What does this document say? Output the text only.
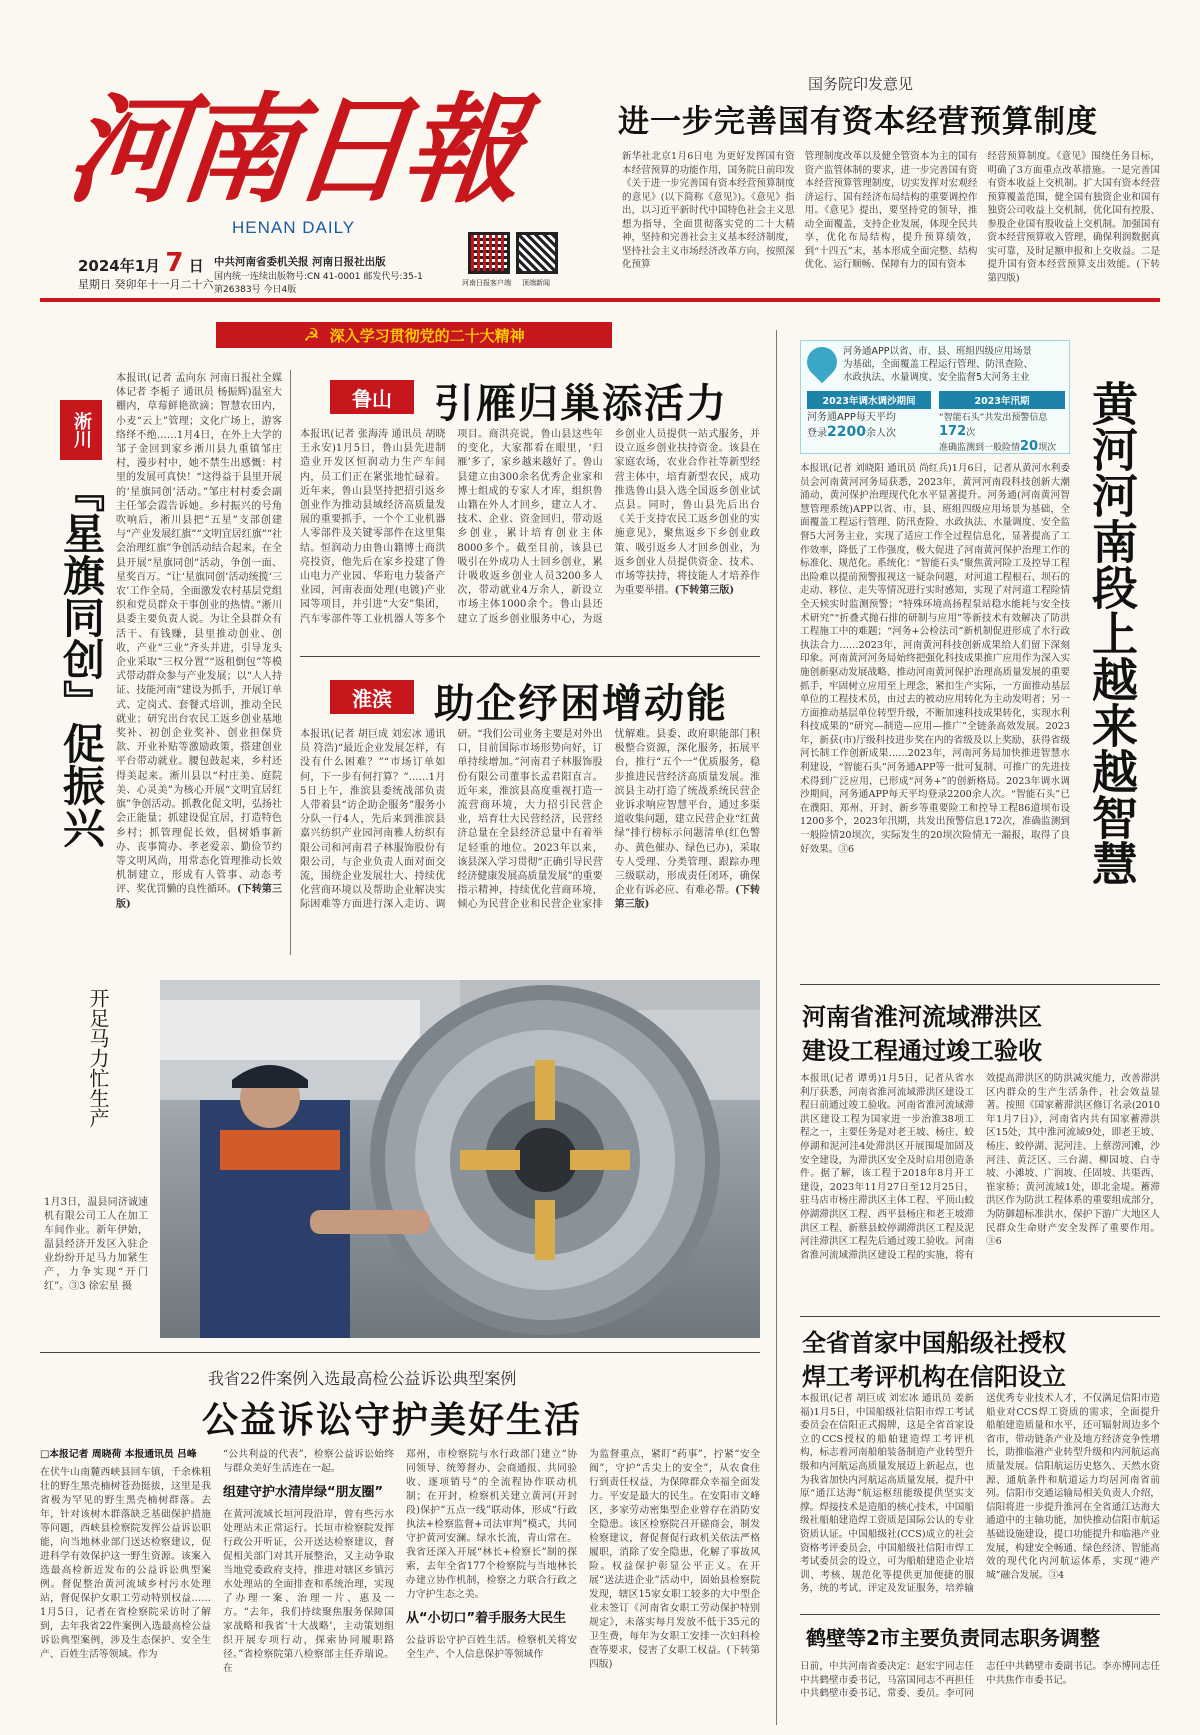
河南日報
HENAN DAILY
2024年1月 7 日
星期日 癸卯年十一月二十六
中共河南省委机关报 河南日报社出版
国内统一连续出版物号:CN 41-0001 邮发代号:35-1
第26383号 今日4版
河南日报客户端 顶端新闻
国务院印发意见
进一步完善国有资本经营预算制度
新华社北京1月6日电 为更好发挥国有资本经营预算的功能作用，国务院日前印发《关于进一步完善国有资本经营预算制度的意见》(以下简称《意见》)。《意见》指出，以习近平新时代中国特色社会主义思想为指导，全面贯彻落实党的二十大精神，坚持和完善社会主义基本经济制度，坚持社会主义市场经济改革方向，按照深化预算
管理制度改革以及健全管资本为主的国有资产监管体制的要求，进一步完善国有资本经营预算管理制度，切实发挥对宏观经济运行、国有经济布局结构的重要调控作用。《意见》提出，要坚持党的领导，推动全面覆盖，支持企业发展，体现全民共享，优化布局结构，提升预算绩效，到“十四五”末，基本形成全面完整、结构优化、运行顺畅、保障有力的国有资本
经营预算制度。《意见》围绕任务目标，明确了3方面重点改革措施。一是完善国有资本收益上交机制。扩大国有资本经营预算覆盖范围，健全国有独资企业和国有独资公司收益上交机制，优化国有控股、参股企业国有股收益上交机制。加强国有资本经营预算收入管理，确保利润数据真实可靠，及时足额申报和上交收益。二是提升国有资本经营预算支出效能。(下转第四版)
☭ 深入学习贯彻党的二十大精神
本报讯(记者 孟向东 河南日报社全媒体记者 李栀子 通讯员 杨振辉)温室大棚内，草莓鲜艳欲滴；智慧农田内，小麦“云上”管理；文化广场上，游客络绎不绝……1月4日，在外上大学的邹子金回到家乡淅川县九重镇邹庄村，漫步村中，她不禁生出感慨：村里的发展可真快！“这得益于县里开展的‘星旗同创’活动。”邹庄村村委会副主任邹会霞告诉她。乡村振兴的号角吹响后，淅川县把“五星”支部创建与“产业发展红旗”“文明宜居红旗”“社会治理红旗”争创活动结合起来，在全县开展“星旗同创”活动，争创一面、星奖百万。“让‘星旗同创’活动统揽‘三农’工作全局，全面激发农村基层党组织和党员群众干事创业的热情。”淅川县委主要负责人说。为让全县群众有活干、有钱赚，县里推动创业、创收，产业“三业”齐头并进，引导龙头企业采取“三权分置”“返租倒包”等模式带动群众参与产业发展；以“人人持证、技能河南”建设为抓手，开展订单式、定岗式、套餐式培训，推动全民就业；研究出台农民工返乡创业基地奖补、初创企业奖补、创业担保贷款、开业补贴等激励政策，搭建创业平台带动就业。腰包鼓起来，乡村还得美起来。淅川县以“村庄美、庭院美、心灵美”为核心开展“文明宜居红旗”争创活动。抓教化促文明，弘扬社会正能量；抓建设促宜居，打造特色乡村；抓管理促长效，倡树婚事新办、丧事简办、孝老爱亲、勤俭节约等文明风尚，用常态化管理推动长效机制建立，形成有人管事、动态考评、奖优罚懒的良性循环。(下转第三版)
淅川
『星旗同创』促振兴
鲁山	引雁归巢添活力
本报讯(记者 张海涛 通讯员 胡晓 王永安)1月5日，鲁山县先进制造业开发区恒润动力生产车间内，员工们正在紧张地忙碌着。近年来，鲁山县坚持把招引返乡创业作为推动县域经济高质量发展的重要抓手，一个个工业机器人零部件及关键零部件在这里集结。恒润动力由鲁山籍博士商洪亮投资，他先后在家乡投建了鲁山电力产业园、华珩电力装备产业园，河南表面处理(电镀)产业园等项目，并引进“大安”集团，汽车零部件等工业机器人等多个项目。商洪亮说，鲁山县这些年的变化，大家都看在眼里，‘归雁’多了，家乡越来越好了。鲁山县建立由300余名优秀企业家和博士组成的专家人才库，组织鲁山籍在外人才回乡，建立人才、技术、企业、资金回归，带动返乡创业，累计培育创业主体8000多个。截至目前，该县已吸引在外成功人士回乡创业，累计吸收返乡创业人员3200多人次，带动就业4万余人，新设立市场主体1000余个。鲁山县还建立了返乡创业服务中心，为返乡创业人员提供一站式服务，并设立返乡创业扶持资金。该县在家庭农场，农业合作社等新型经营主体中，培育新型农民，成功推选鲁山县入选全国返乡创业试点县。同时，鲁山县先后出台《关于支持农民工返乡创业的实施意见》，聚焦返乡下乡创业政策、吸引返乡人才回乡创业，为返乡创业人员提供资金、技术、市场等扶持，将技能人才培养作为重要举措。(下转第三版)
淮滨	助企纾困增动能
本报讯(记者 胡巨成 刘宏冰 通讯员 符浩)“最近企业发展怎样，有没有什么困难？”“市场订单如何，下一步有何打算？”……1月5日上午，淮滨县委统战部负责人带着县“访企助企服务”服务小分队一行4人，先后来到淮滨县嘉兴纺织产业园河南雅人纺织有限公司和河南君子林服饰股份有限公司，与企业负责人面对面交流，围绕企业发展壮大、持续优化营商环境以及帮助企业解决实际困难等方面进行深入走访、调研。“我们公司业务主要是对外出口，目前国际市场形势向好，订单持续增加。”河南君子林服饰股份有限公司董事长孟君阳直言。近年来，淮滨县高度重视打造一流营商环境，大力招引民营企业，培育壮大民营经济，民营经济总量在全县经济总量中有着举足轻重的地位。2023年以来，该县深入学习贯彻“正确引导民营经济健康发展高质量发展”的重要指示精神，持续优化营商环境，倾心为民营企业和民营企业家排忧解难。县委、政府职能部门积极整合资源，深化服务，拓展平台，推行“五个一”优质服务，稳步推进民营经济高质量发展。淮滨县主动打造了统战系统民营企业诉求响应智慧平台，通过多渠道收集问题，建立民营企业“红黄绿”排行榜标示问题清单(红色警办、黄色催办、绿色已办)，采取专人受理、分类管理、跟踪办理三级联动，形成责任闭环，确保企业有诉必应、有难必帮。(下转第三版)
河务通APP以省、市、县、班组四级应用场景
为基础，全面覆盖工程运行管理、防汛查险、
水政执法、水量调度、安全监督5大河务主业
2023年调水调沙期间
河务通APP每天平均
登录2200余人次
2023年汛期
“智能石头”共发出预警信息172次
准确监测到一般险情20坝次 黄河河南段上越来越智慧
本报讯(记者 刘晓阳 通讯员 尚红兵)1月6日，记者从黄河水利委员会河南黄河河务局获悉，2023年，黄河河南段科技创新大潮涌动，黄河保护治理现代化水平显著提升。河务通(河南黄河智慧管理系统)APP以省、市、县、班组四级应用场景为基础，全面覆盖工程运行管理、防汛查险、水政执法、水量调度、安全监督5大河务主业，实现了适应工作全过程信息化，显著提高了工作效率，降低了工作强度，极大促进了河南黄河保护治理工作的标准化、规范化。系统化：“智能石头”聚焦黄河险工及控导工程出险难以提前预警报视这一疑杂问题，对河道工程根石、坝石的走动、移位、走失等情况进行实时感知，实现了对河道工程险情全天候实时监测预警；“特殊环境高扬程泵站稳水能耗与安全技术研究”“折叠式抛石排的研制与应用”等新技术有效解决了防洪工程施工中的难题；“河务+公检法司”新机制促进形成了水行政执法合力……2023年，河南黄河科技创新成果给人们留下深刻印象。河南黄河河务局始终把强化科技成果推广应用作为深入实施创新驱动发展战略、推动河南黄河保护治理高质量发展的重要抓手，牢固树立应用至上理念，紧扣生产实际，一方面推动基层单位的工程技术员，由过去的被动应用转化为主动发明者；另一方面推动基层单位转型升级，不断加速科技成果转化，实现水利科技成果的“研究—制造—应用—推广”全链条高效发展。2023年，新获(市)厅级科技进步奖在内的省级及以上奖励，获得省级河长制工作创新成果……2023年，河南河务局加快推进智慧水利建设，“智能石头”河务通APP等一批可复制、可推广的先进技术得到广泛应用，已形成“河务+”的创新格局。2023年调水调沙期间，河务通APP每天平均登录2200余人次。“智能石头”已在濮阳、郑州、开封、新乡等重要险工和控导工程86道坝布设1200多个，2023年汛期，共发出预警信息172次，准确监测到一般险情20坝次，实际发生的20坝次险情无一漏报，取得了良好效果。③6
开足马力忙生产
1月3日，温县同济诚速机有限公司工人在加工车间作业。新年伊始，温县经济开发区入驻企业纷纷开足马力加紧生产，力争实现“开门红”。③3 徐宏星 摄
河南省淮河流域滞洪区
建设工程通过竣工验收
本报讯(记者 谭勇)1月5日，记者从省水利厅获悉，河南省淮河流域滞洪区建设工程日前通过竣工验收。河南省淮河流域滞洪区建设工程为国家进一步治淮38项工程之一，主要任务是对老王坡、杨庄、蛟停湖和泥河洼4处滞洪区开展围堤加固及安全建设，为滞洪区安全及时启用创造条件。据了解，该工程于2018年8月开工建设，2023年11月27日至12月25日，驻马店市杨庄滞洪区主体工程、平顶山蛟停湖滞洪区工程、西平县杨庄和老王坡滞洪区工程、新蔡县蛟停湖滞洪区工程及泥河洼滞洪区工程先后通过竣工验收。河南省淮河流域滞洪区建设工程的实施，将有效提高滞洪区的防洪减灾能力，改善滞洪区内群众的生产生活条件，社会效益显著。按照《国家蓄滞洪区修订名录(2010年1月7日)》，河南省内共有国家蓄滞洪区15处，其中淮河流域9处，即老王坡、杨庄、蛟停湖、泥河洼、上蔡涝河滩，沙河洼、黄泛区、三台湖、柳园坡、白寺坡、小滩坡、广润坡、任固坡、共渠西、崔家桥；黄河流域1处，即北金堤。蓄滞洪区作为防洪工程体系的重要组成部分，为防御超标准洪水、保护下游广大地区人民群众生命财产安全发挥了重要作用。③6
全省首家中国船级社授权
焊工考评机构在信阳设立
本报讯(记者 胡巨成 刘宏冰 通讯员 姜新福)1月5日，中国船级社信阳市焊工考试委员会在信阳正式揭牌，这是全省首家设立的CCS授权的船舶建造焊工考评机构，标志着河南船舶装备制造产业转型升级和内河航运高质量发展迈上新起点，也为我省加快内河航运高质量发展，提升中原“通江达海”航运枢纽能级提供坚实支撑。焊接技术是造船的核心技术，中国船级社船舶建造焊工资质是国际公认的专业资质认证。中国船级社(CCS)成立的社会资格考评委员会，中国船级社信阳市焊工考试委员会的设立，可为船舶建造企业培训、考核、规范化等提供更加便捷的服务，统的考试、评定及发证服务，培养输送优秀专业技术人才，不仅满足信阳市造船业对CCS焊工资质的需求，全面提升船舶建造质量和水平，还可辐射周边多个省市，带动链条产业及地方经济竞争性增长，助推临港产业转型升级和内河航运高质量发展。信阳航运历史悠久、天然水资源、通航条件和航道运力均居河南省前列。信阳市交通运输局相关负责人介绍，信阳将进一步提升淮河在全省通江达海大通道中的主轴功能，加快推动信阳市航运基础设施建设，提口功能提升和临港产业发展，构建安全畅通、绿色经济、智能高效的现代化内河航运体系，实现“港产城”融合发展。③4
鹤壁等2市主要负责同志职务调整
日前，中共河南省委决定：赵宏宇同志任中共鹤壁市委书记，马富国同志不再担任中共鹤壁市委书记、常委、委员。李可同志任中共鹤壁市委副书记。李亦博同志任中共焦作市委书记。
我省22件案例入选最高检公益诉讼典型案例
公益诉讼守护美好生活
□本报记者 周晓荷 本报通讯员 吕峰
在伏牛山南麓西峡县回车镇，千余株粗壮的野生黑壳楠树苍劲挺拔，这里是我省极为罕见的野生黑壳楠树群落。去年，针对该树木群落缺乏基础保护措施等问题，西峡县检察院发挥公益诉讼职能，向当地林业部门送达检察建议，促进科学有效保护这一野生资源。该案入选最高检新近发布的公益诉讼典型案例。督促整治黄河流域乡村污水处理站，督促保护女职工劳动特别权益……1月5日，记者在省检察院采访时了解到，去年我省22件案例入选最高检公益诉讼典型案例，涉及生态保护、安全生产、百姓生活等领域。作为
“公共利益的代表”，检察公益诉讼始终与群众美好生活连在一起。
组建守护水清岸绿“朋友圈”
在黄河流域长垣河段沿岸，曾有些污水处理站未正常运行。长垣市检察院发挥行政公开听证，公开送达检察建议，督促相关部门对其开展整治，又主动争取当地党委政府支持，推进对辖区乡镇污水处理站的全面排查和系统治理，实现了办理一案、治理一片、惠及一方。“去年，我们持续聚焦服务保障国家战略和我省‘十大战略’，主动策划组织开展专项行动，探索协同履职路径。”省检察院第八检察部主任乔瑞说。在
郑州，市检察院与水行政部门建立“协同领导、统筹督办、会商通报、共同验收、逐项销号”的全流程协作联动机制；在开封，检察机关建立黄河(开封段)保护“五点一线”联动体，形成“行政执法+检察监督+司法审判”模式，共同守护黄河安澜。绿水长流，青山常在。我省还深入开展“林长+检察长”制的探索，去年全省177个检察院与当地林长办建立协作机制，检察之力联合行政之力守护生态之美。
从“小切口”着手服务大民生
公益诉讼守护百姓生活。检察机关将安全生产、个人信息保护等领域作
为监督重点，紧盯“药事”，拧紧“安全阀”，守护“舌尖上的安全”，从农食住行到责任权益，为保障群众幸福全面发力。平安是最大的民生。在安阳市文峰区，多家劳动密集型企业曾存在消防安全隐患。该区检察院召开磋商会，制发检察建议，督促督促行政机关依法严格履职，消除了安全隐患，化解了事故风险。权益保护彰显公平正义。在开展“送法进企业”活动中，固始县检察院发现，辖区15家女职工较多的大中型企业未签订《河南省女职工劳动保护特别规定》，未落实每月发放不低于35元的卫生费，每年为女职工安排一次妇科检查等要求，侵害了女职工权益。(下转第四版)
